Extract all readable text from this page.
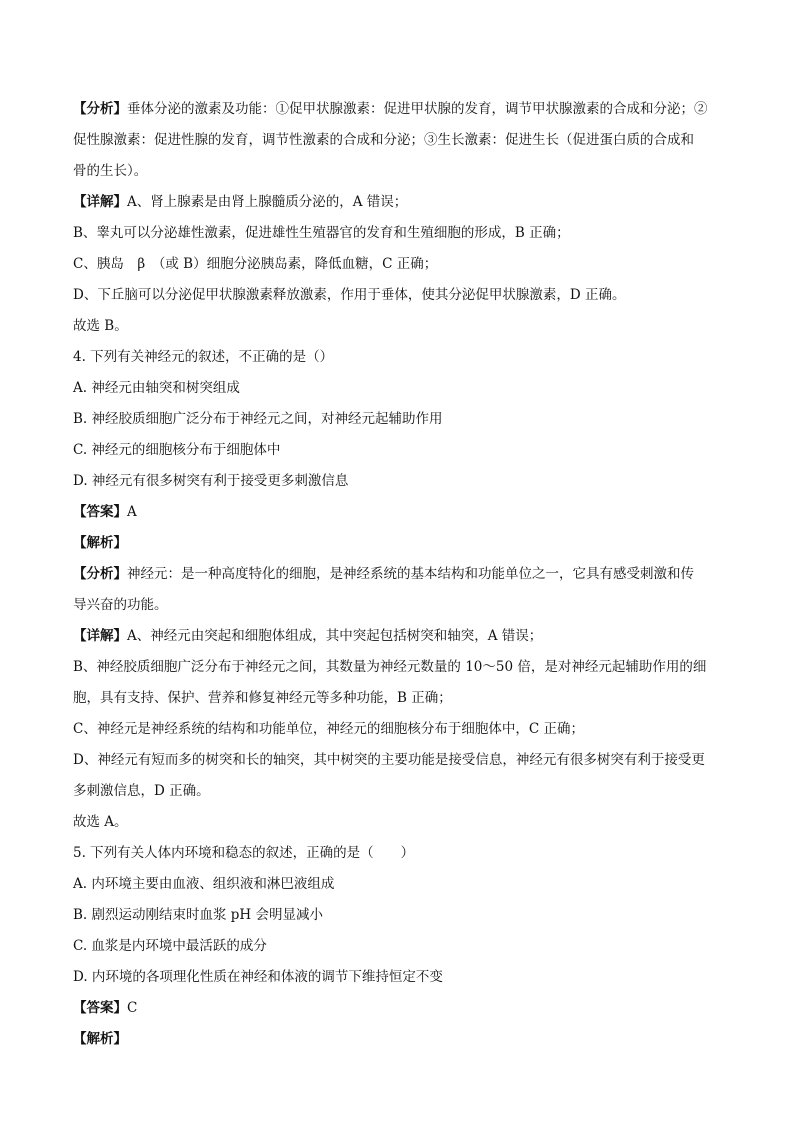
【分析】垂体分泌的激素及功能：①促甲状腺激素：促进甲状腺的发育，调节甲状腺激素的合成和分泌；②
促性腺激素：促进性腺的发育，调节性激素的合成和分泌；③生长激素：促进生长（促进蛋白质的合成和
骨的生长）。
【详解】A、肾上腺素是由肾上腺髓质分泌的，A 错误；
B、睾丸可以分泌雄性激素，促进雄性生殖器官的发育和生殖细胞的形成，B 正确；
C、胰岛　β　（或 B）细胞分泌胰岛素，降低血糖，C 正确；
D、下丘脑可以分泌促甲状腺激素释放激素，作用于垂体，使其分泌促甲状腺激素，D 正确。
故选 B。
4. 下列有关神经元的叙述，不正确的是（）
A. 神经元由轴突和树突组成
B. 神经胶质细胞广泛分布于神经元之间，对神经元起辅助作用
C. 神经元的细胞核分布于细胞体中
D. 神经元有很多树突有利于接受更多刺激信息
【答案】A
【解析】
【分析】神经元：是一种高度特化的细胞，是神经系统的基本结构和功能单位之一，它具有感受刺激和传
导兴奋的功能。
【详解】A、神经元由突起和细胞体组成，其中突起包括树突和轴突，A 错误；
B、神经胶质细胞广泛分布于神经元之间，其数量为神经元数量的 10～50 倍，是对神经元起辅助作用的细
胞，具有支持、保护、营养和修复神经元等多种功能，B 正确；
C、神经元是神经系统的结构和功能单位，神经元的细胞核分布于细胞体中，C 正确；
D、神经元有短而多的树突和长的轴突，其中树突的主要功能是接受信息，神经元有很多树突有利于接受更
多刺激信息，D 正确。
故选 A。
5. 下列有关人体内环境和稳态的叙述，正确的是（　　）
A. 内环境主要由血液、组织液和淋巴液组成
B. 剧烈运动刚结束时血浆 pH 会明显减小
C. 血浆是内环境中最活跃的成分
D. 内环境的各项理化性质在神经和体液的调节下维持恒定不变
【答案】C
【解析】
